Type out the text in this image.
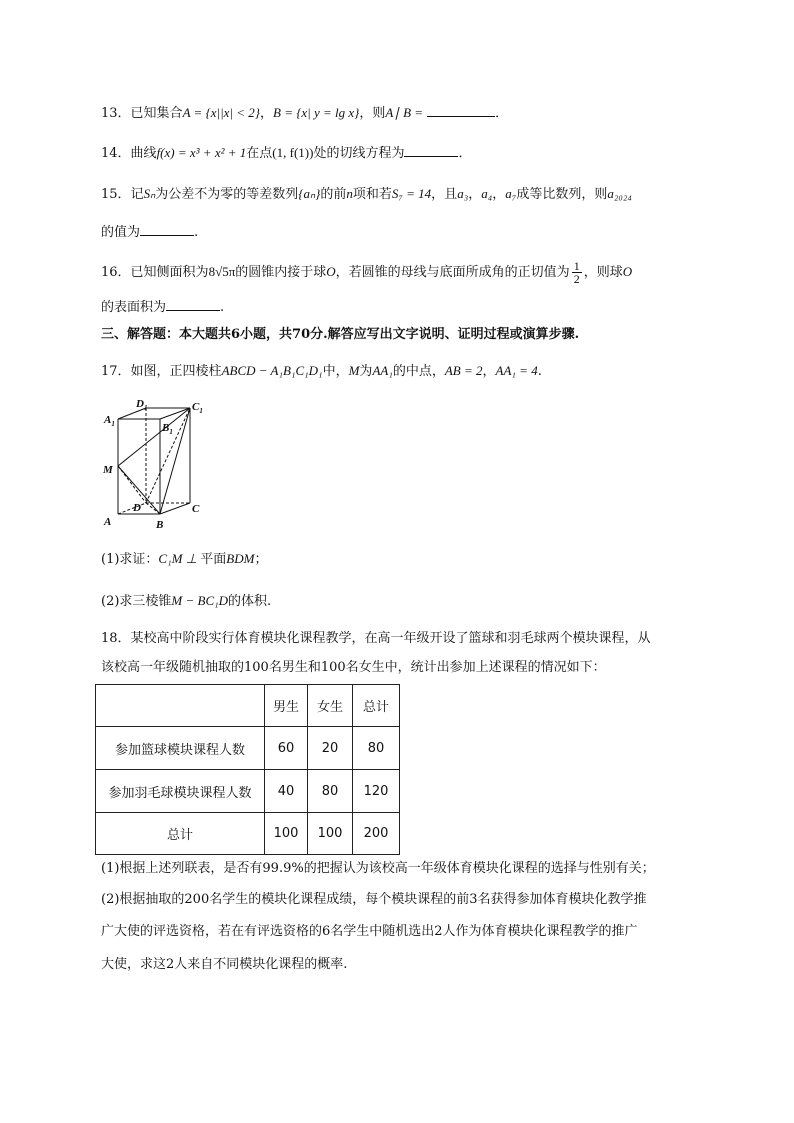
13．已知集合A = {x||x| < 2}，B = {x| y = lg x}，则A∣ B =	．
14．曲线f(x) = x³ + x² + 1在点(1, f(1))处的切线方程为	．
15．记Sₙ为公差不为零的等差数列{aₙ}的前n项和若S₇ = 14，且a₃，a₄，a₇成等比数列，则a₂₀₂₄
的值为	.
16．已知侧面积为8√5π的圆锥内接于球O，若圆锥的母线与底面所成角的正切值为 $\frac{1}{2}$ ，则球O
的表面积为	.
三、解答题：本大题共6小题，共70分.解答应写出文字说明、证明过程或演算步骤.
17．如图，正四棱柱ABCD − A₁B₁C₁D₁中，M为AA₁的中点，AB = 2，AA₁ = 4.
$A_1$
$D_1$
$B_1$
$C_1$
M
A	B
C
D
(1)求证：C₁M ⊥ 平面BDM；
(2)求三棱锥M − BC₁D的体积.
18．某校高中阶段实行体育模块化课程教学，在高一年级开设了篮球和羽毛球两个模块课程，从
该校高一年级随机抽取的100名男生和100名女生中，统计出参加上述课程的情况如下：
	男生	女生	总计
参加篮球模块课程人数	60	20	80
参加羽毛球模块课程人数	40	80	120
总计	100	100	200
(1)根据上述列联表，是否有99.9%的把握认为该校高一年级体育模块化课程的选择与性别有关；
(2)根据抽取的200名学生的模块化课程成绩，每个模块课程的前3名获得参加体育模块化教学推
广大使的评选资格，若在有评选资格的6名学生中随机选出2人作为体育模块化课程教学的推广
大使，求这2人来自不同模块化课程的概率.
